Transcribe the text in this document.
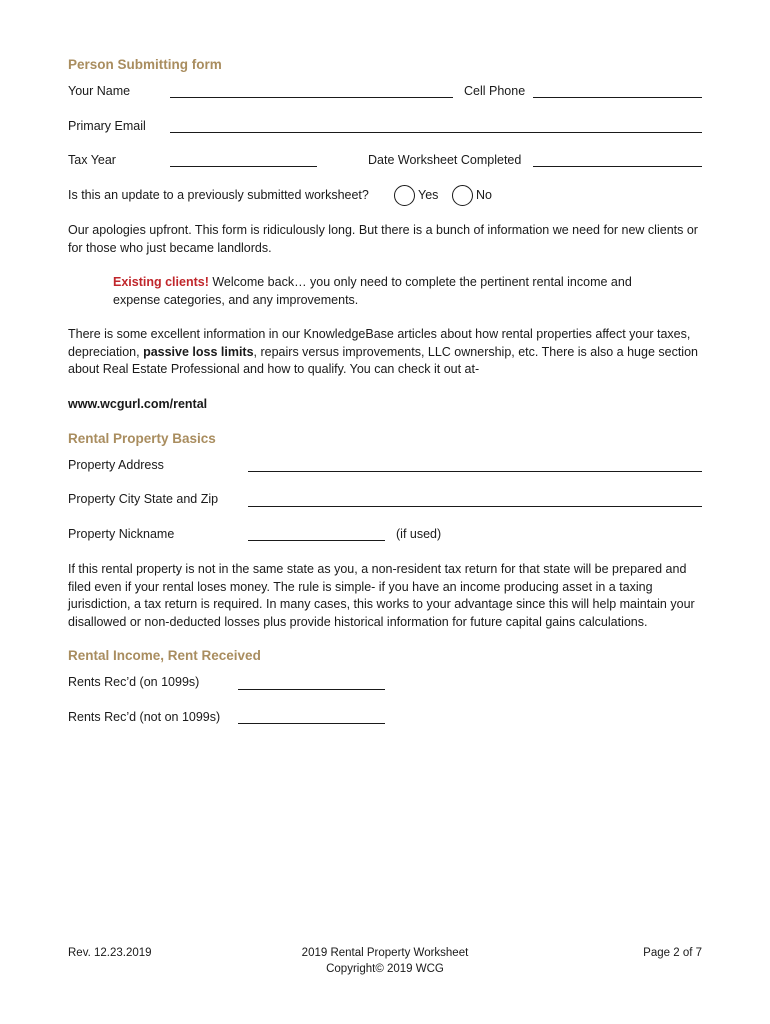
Person Submitting form
Your Name	Cell Phone
Primary Email
Tax Year	Date Worksheet Completed
Is this an update to a previously submitted worksheet?	Yes	No
Our apologies upfront. This form is ridiculously long. But there is a bunch of information we need for new clients or for those who just became landlords.
Existing clients! Welcome back… you only need to complete the pertinent rental income and expense categories, and any improvements.
There is some excellent information in our KnowledgeBase articles about how rental properties affect your taxes, depreciation, passive loss limits, repairs versus improvements, LLC ownership, etc. There is also a huge section about Real Estate Professional and how to qualify. You can check it out at-
www.wcgurl.com/rental
Rental Property Basics
Property Address
Property City State and Zip
Property Nickname	(if used)
If this rental property is not in the same state as you, a non-resident tax return for that state will be prepared and filed even if your rental loses money. The rule is simple- if you have an income producing asset in a taxing jurisdiction, a tax return is required. In many cases, this works to your advantage since this will help maintain your disallowed or non-deducted losses plus provide historical information for future capital gains calculations.
Rental Income, Rent Received
Rents Rec’d (on 1099s)
Rents Rec’d (not on 1099s)
Rev. 12.23.2019	2019 Rental Property Worksheet
Copyright© 2019 WCG
Page 2 of 7
